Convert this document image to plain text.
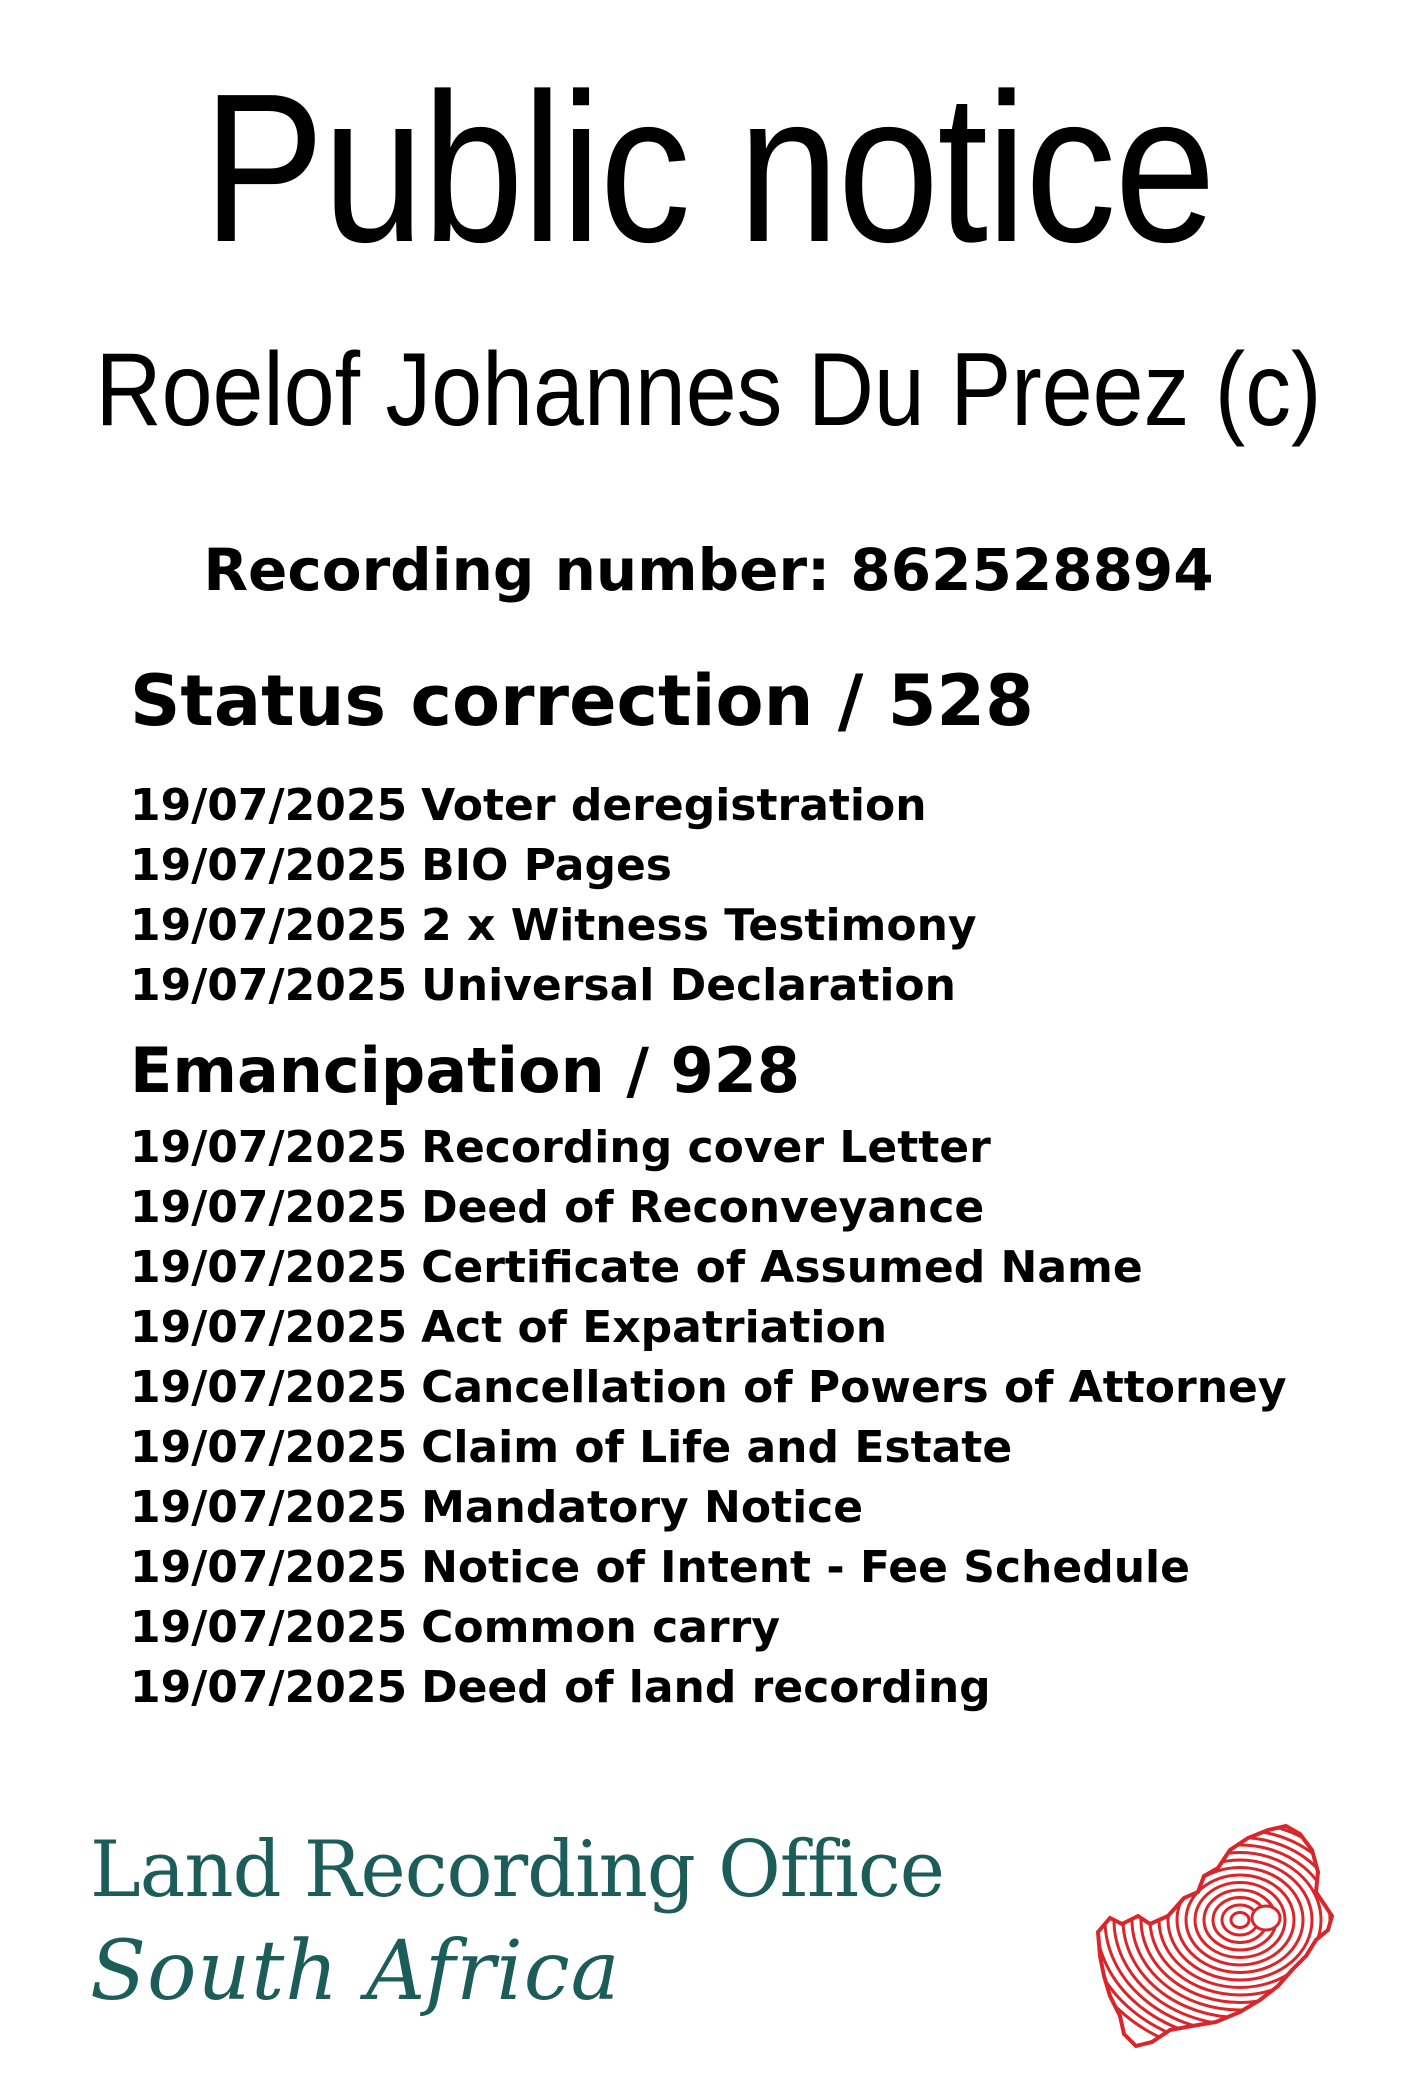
Public notice
Roelof Johannes Du Preez (c)
Recording number: 862528894
Status correction / 528
19/07/2025 Voter deregistration
19/07/2025 BIO Pages
19/07/2025 2 x Witness Testimony
19/07/2025 Universal Declaration
Emancipation / 928
19/07/2025 Recording cover Letter
19/07/2025 Deed of Reconveyance
19/07/2025 Certificate of Assumed Name
19/07/2025 Act of Expatriation
19/07/2025 Cancellation of Powers of Attorney
19/07/2025 Claim of Life and Estate
19/07/2025 Mandatory Notice
19/07/2025 Notice of Intent - Fee Schedule
19/07/2025 Common carry
19/07/2025 Deed of land recording
Land Recording Office
South Africa
